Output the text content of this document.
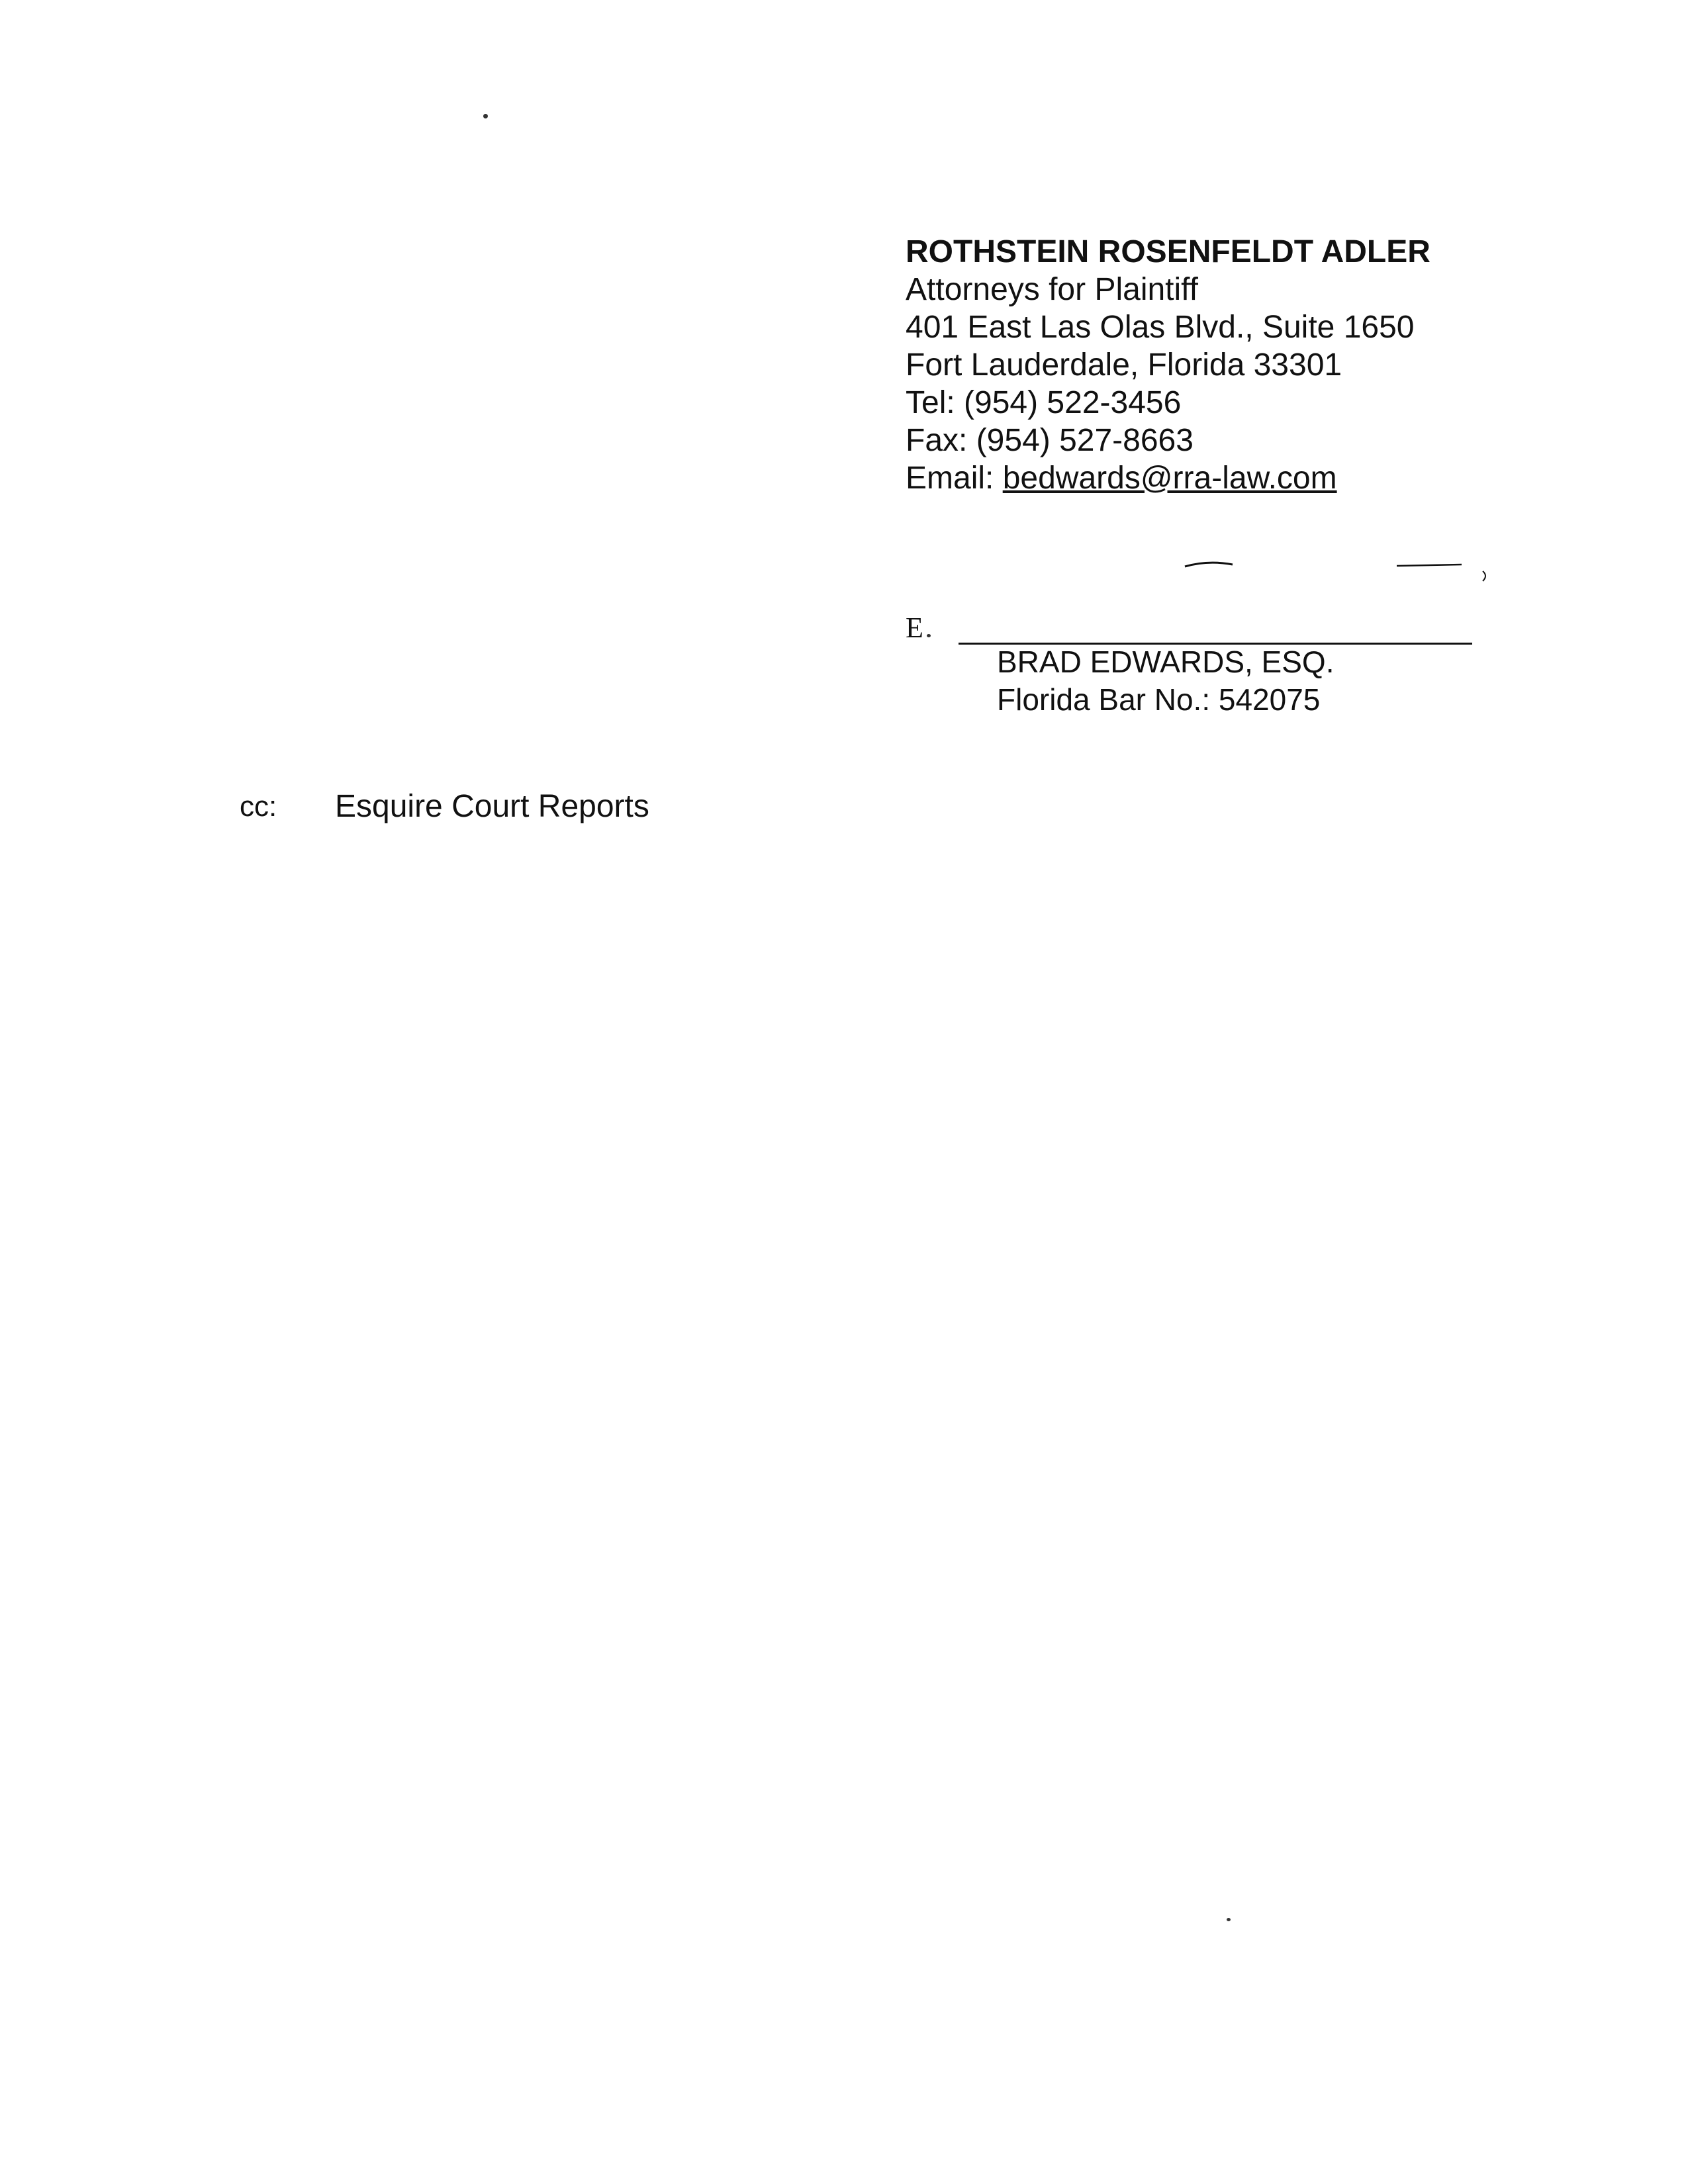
ROTHSTEIN ROSENFELDT ADLER
Attorneys for Plaintiff
401 East Las Olas Blvd., Suite 1650
Fort Lauderdale, Florida 33301
Tel: (954) 522-3456
Fax: (954) 527-8663
Email: bedwards@rra-law.com
E
BRAD EDWARDS, ESQ.
Florida Bar No.: 542075
cc: Esquire Court Reports
